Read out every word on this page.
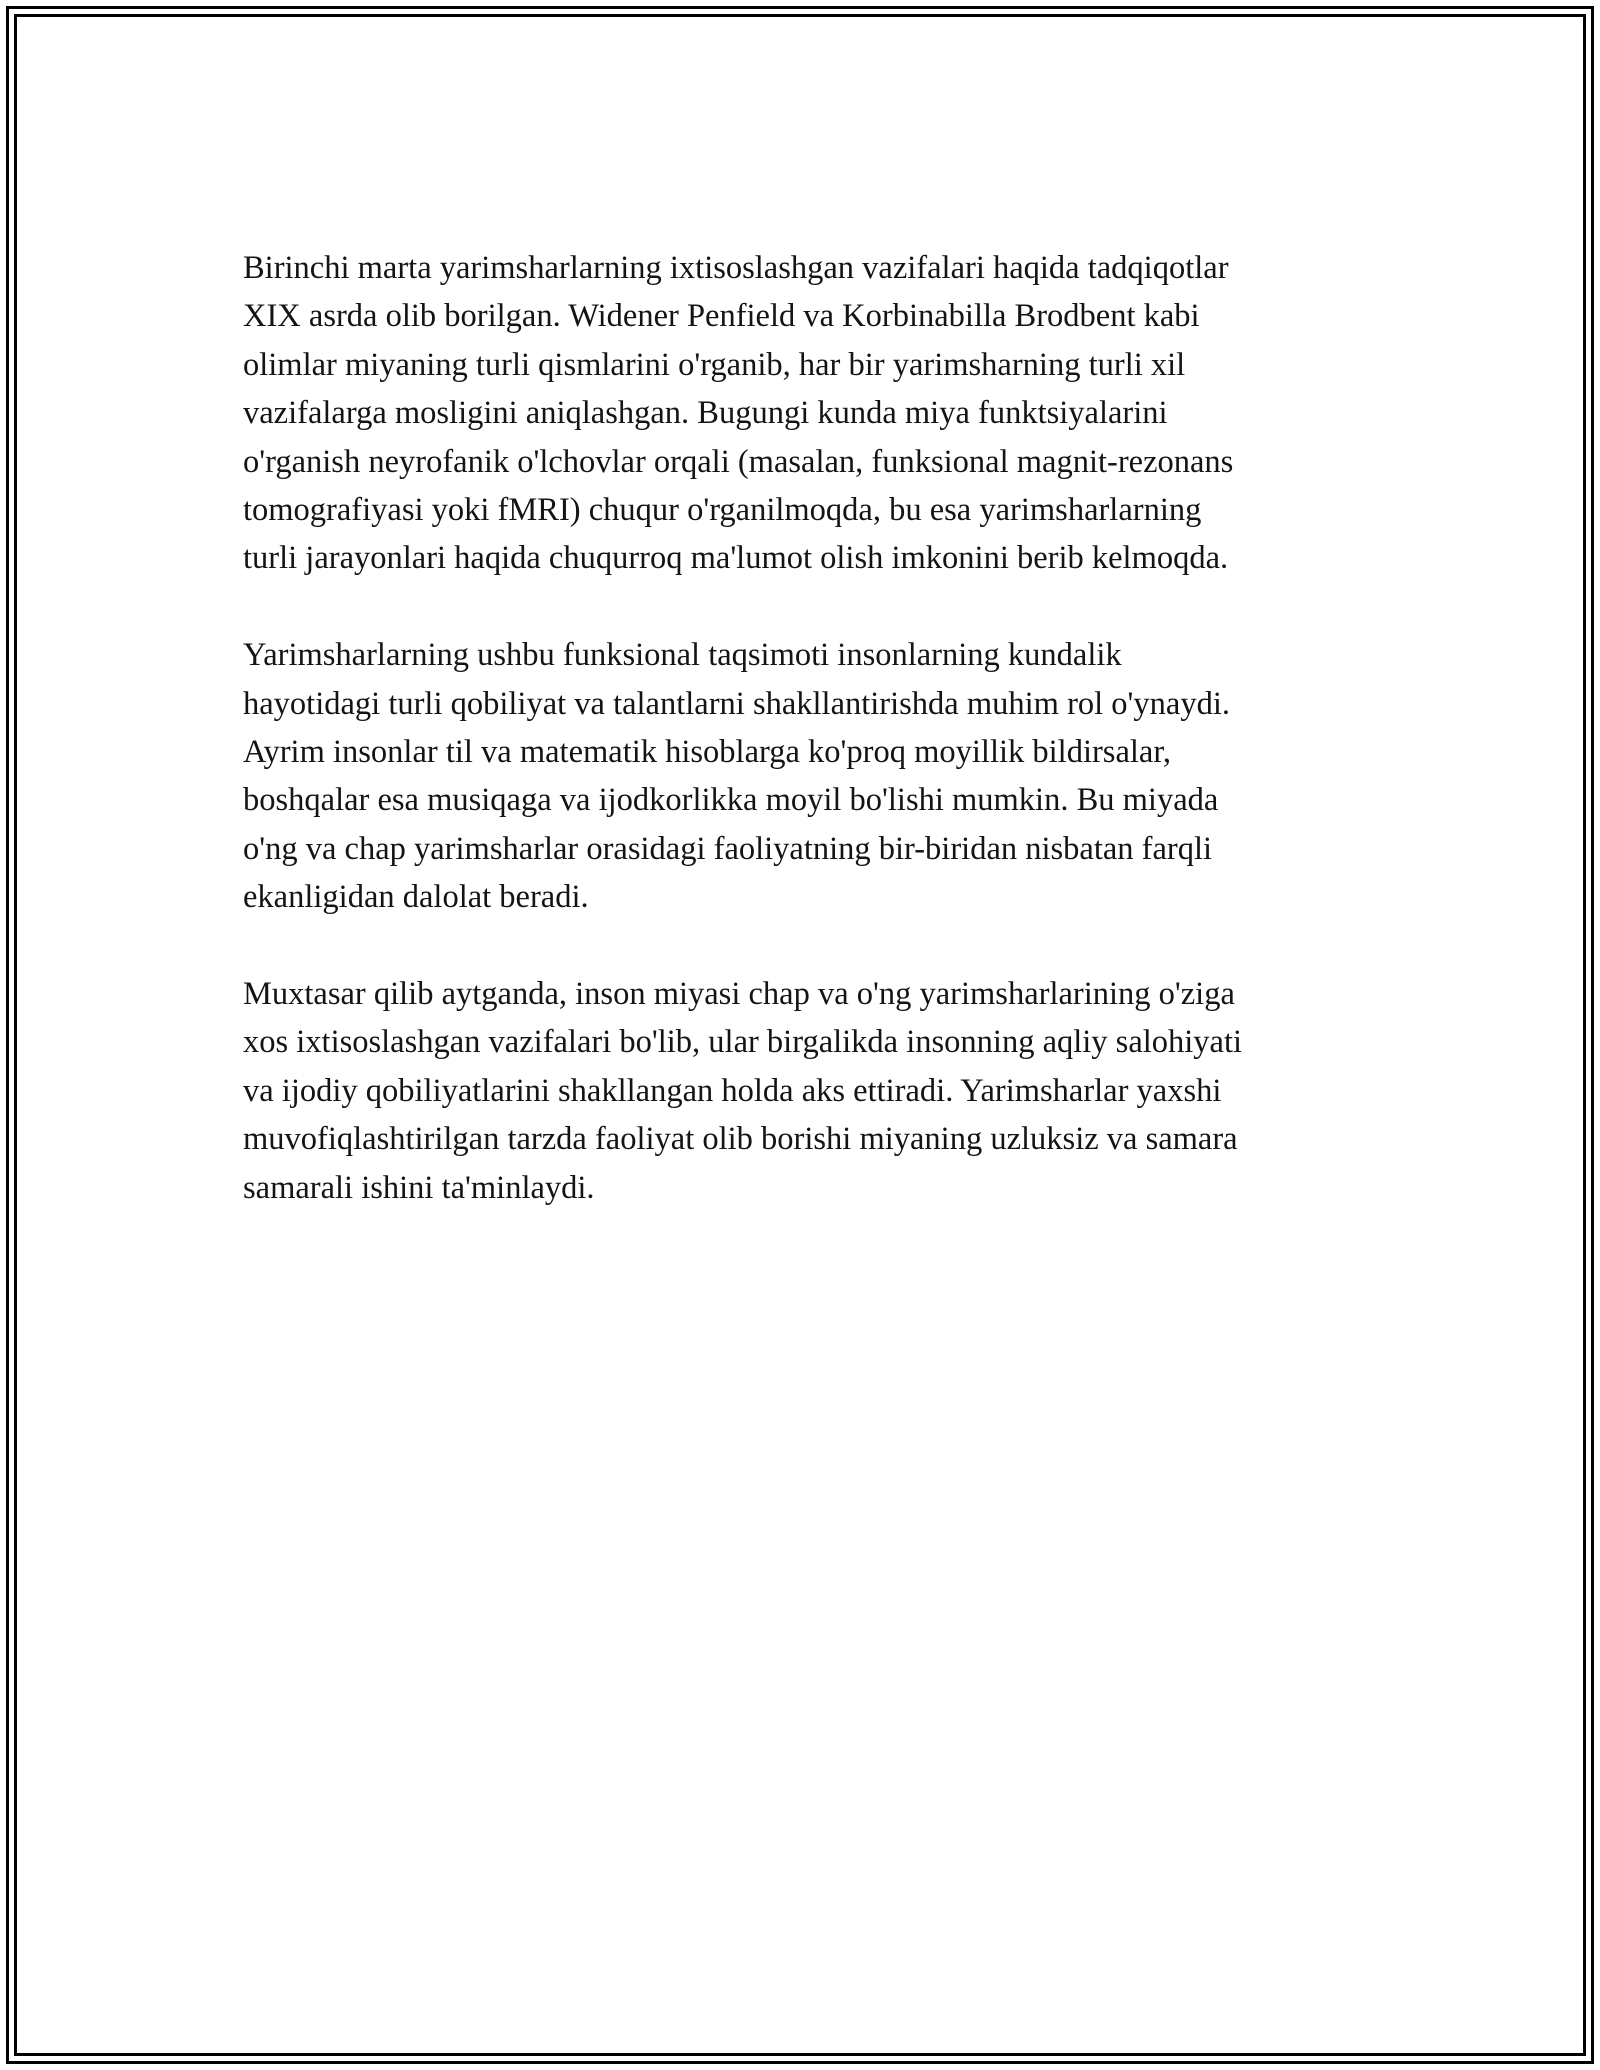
Birinchi marta yarimsharlarning ixtisoslashgan vazifalari haqida tadqiqotlar
XIX asrda olib borilgan. Widener Penfield va Korbinabilla Brodbent kabi
olimlar miyaning turli qismlarini o'rganib, har bir yarimsharning turli xil
vazifalarga mosligini aniqlashgan. Bugungi kunda miya funktsiyalarini
o'rganish neyrofanik o'lchovlar orqali (masalan, funksional magnit-rezonans
tomografiyasi yoki fMRI) chuqur o'rganilmoqda, bu esa yarimsharlarning
turli jarayonlari haqida chuqurroq ma'lumot olish imkonini berib kelmoqda.

Yarimsharlarning ushbu funksional taqsimoti insonlarning kundalik
hayotidagi turli qobiliyat va talantlarni shakllantirishda muhim rol o'ynaydi.
Ayrim insonlar til va matematik hisoblarga ko'proq moyillik bildirsalar,
boshqalar esa musiqaga va ijodkorlikka moyil bo'lishi mumkin. Bu miyada
o'ng va chap yarimsharlar orasidagi faoliyatning bir-biridan nisbatan farqli
ekanligidan dalolat beradi.

Muxtasar qilib aytganda, inson miyasi chap va o'ng yarimsharlarining o'ziga
xos ixtisoslashgan vazifalari bo'lib, ular birgalikda insonning aqliy salohiyati
va ijodiy qobiliyatlarini shakllangan holda aks ettiradi. Yarimsharlar yaxshi
muvofiqlashtirilgan tarzda faoliyat olib borishi miyaning uzluksiz va samara
samarali ishini ta'minlaydi.
